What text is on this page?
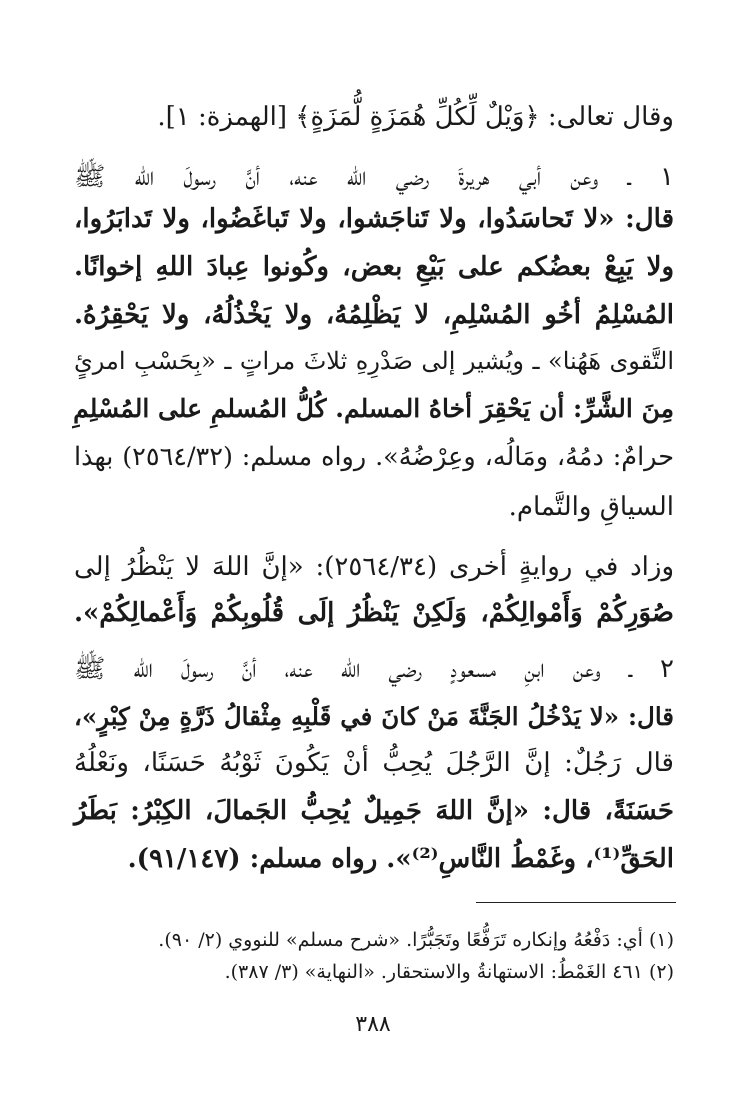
وقال تعالى: ﴿وَيْلٌ لِّكُلِّ هُمَزَةٍ لُّمَزَةٍ﴾ [الهمزة: ١].
١ ـ وعن أبي هريرةَ رضي الله عنه، أنَّ رسولَ الله ﷺ
قال: «لا تَحاسَدُوا، ولا تَناجَشوا، ولا تَباغَضُوا، ولا تَدابَرُوا،
ولا يَبِعْ بعضُكم على بَيْعِ بعض، وكُونوا عِبادَ اللهِ إخوانًا.
المُسْلِمُ أخُو المُسْلِمِ، لا يَظْلِمُهُ، ولا يَخْذُلُهُ، ولا يَحْقِرُهُ.
التَّقوى هَهُنا» ـ ويُشير إلى صَدْرِهِ ثلاثَ مراتٍ ـ «بِحَسْبِ امرئٍ
مِنَ الشَّرِّ: أن يَحْقِرَ أخاهُ المسلم. كُلُّ المُسلمِ على المُسْلِمِ
حرامٌ: دمُهُ، ومَالُه، وعِرْضُهُ». رواه مسلم: (٢٥٦٤/٣٢) بهذا
السياقِ والتَّمام.
وزاد في روايةٍ أخرى (٢٥٦٤/٣٤): «إنَّ اللهَ لا يَنْظُرُ إلى
صُوَرِكُمْ وَأَمْوالِكُمْ، وَلَكِنْ يَنْظُرُ إلَى قُلُوبِكُمْ وَأَعْمالِكُمْ».
٢ ـ وعن ابنِ مسعودٍ رضي الله عنه، أنَّ رسولَ الله ﷺ
قال: «لا يَدْخُلُ الجَنَّةَ مَنْ كانَ في قَلْبِهِ مِثْقالُ ذَرَّةٍ مِنْ كِبْرٍ»،
قال رَجُلٌ: إنَّ الرَّجُلَ يُحِبُّ أنْ يَكُونَ ثَوْبُهُ حَسَنًا، ونَعْلُهُ
حَسَنَةً، قال: «إنَّ اللهَ جَمِيلٌ يُحِبُّ الجَمالَ، الكِبْرُ: بَطَرُ
الحَقِّ⁽¹⁾، وغَمْطُ النَّاسِ⁽²⁾». رواه مسلم: (٩١/١٤٧).
(١) أي: دَفْعُهُ وإنكاره تَرَفُّعًا وتَجَبُّرًا. «شرح مسلم» للنووي (٢/ ٩٠).
(٢) ٤٦١ الغَمْطُ: الاستهانةُ والاستحقار. «النهاية» (٣/ ٣٨٧).
٣٨٨
